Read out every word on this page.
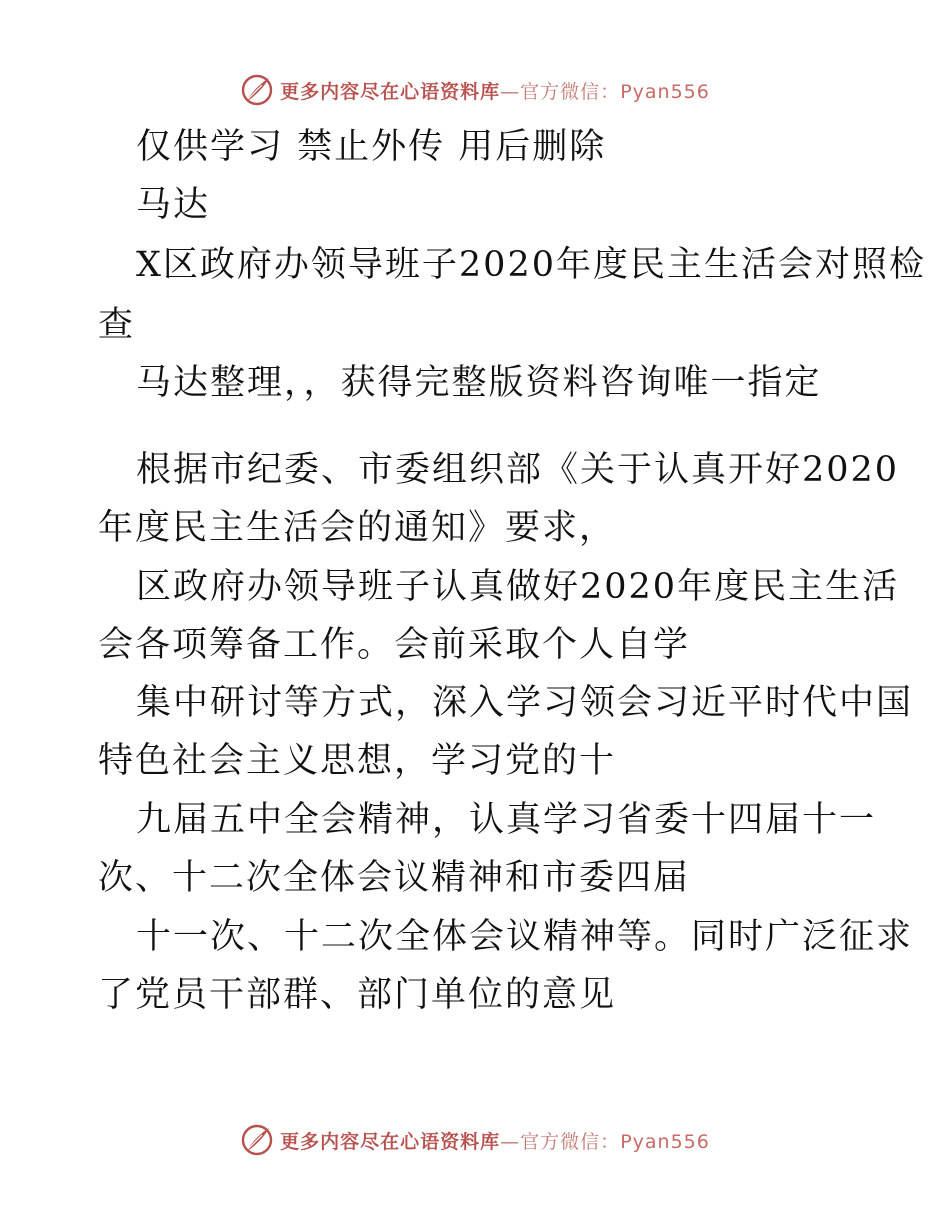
更多内容尽在心语资料库—官方微信：Pyan556
仅供学习 禁止外传 用后删除
马达
X区政府办领导班子2020年度民主生活会对照检
查
马达整理，，获得完整版资料咨询唯一指定
根据市纪委、市委组织部《关于认真开好2020
年度民主生活会的通知》要求，
区政府办领导班子认真做好2020年度民主生活
会各项筹备工作。会前采取个人自学
集中研讨等方式，深入学习领会习近平时代中国
特色社会主义思想，学习党的十
九届五中全会精神，认真学习省委十四届十一
次、十二次全体会议精神和市委四届
十一次、十二次全体会议精神等。同时广泛征求
了党员干部群、部门单位的意见
更多内容尽在心语资料库—官方微信：Pyan556
